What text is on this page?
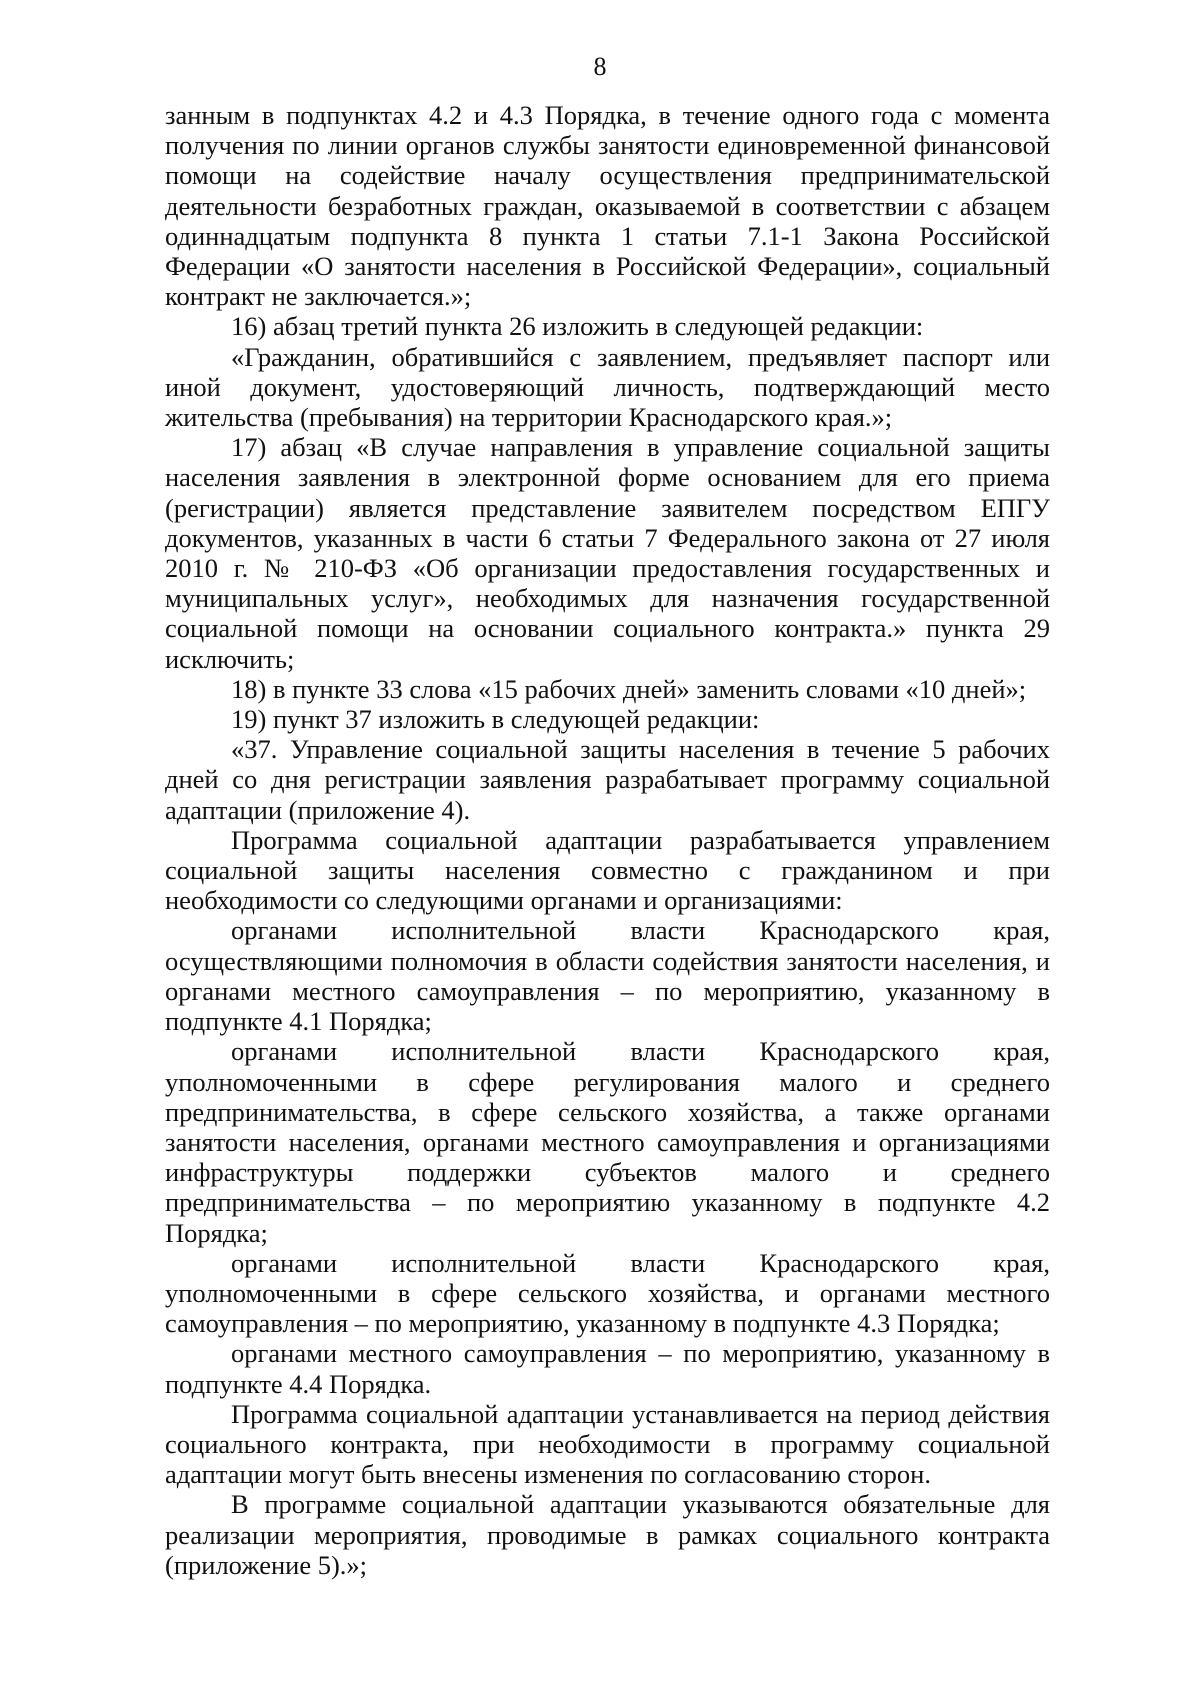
8

занным в подпунктах 4.2 и 4.3 Порядка, в течение одного года с момента получения по линии органов службы занятости единовременной финансовой помощи на содействие началу осуществления предпринимательской деятельности безработных граждан, оказываемой в соответствии с абзацем одиннадцатым подпункта 8 пункта 1 статьи 7.1-1 Закона Российской Федерации «О занятости населения в Российской Федерации», социальный контракт не заключается.»;

16) абзац третий пункта 26 изложить в следующей редакции:

«Гражданин, обратившийся с заявлением, предъявляет паспорт или иной документ, удостоверяющий личность, подтверждающий место жительства (пребывания) на территории Краснодарского края.»;

17) абзац «В случае направления в управление социальной защиты населения заявления в электронной форме основанием для его приема (регистрации) является представление заявителем посредством ЕПГУ документов, указанных в части 6 статьи 7 Федерального закона от 27 июля 2010 г. № 210-ФЗ «Об организации предоставления государственных и муниципальных услуг», необходимых для назначения государственной социальной помощи на основании социального контракта.» пункта 29 исключить;

18) в пункте 33 слова «15 рабочих дней» заменить словами «10 дней»;

19) пункт 37 изложить в следующей редакции:

«37. Управление социальной защиты населения в течение 5 рабочих дней со дня регистрации заявления разрабатывает программу социальной адаптации (приложение 4).

Программа социальной адаптации разрабатывается управлением социальной защиты населения совместно с гражданином и при необходимости со следующими органами и организациями:

органами исполнительной власти Краснодарского края, осуществляющими полномочия в области содействия занятости населения, и органами местного самоуправления – по мероприятию, указанному в подпункте 4.1 Порядка;

органами исполнительной власти Краснодарского края, уполномоченными в сфере регулирования малого и среднего предпринимательства, в сфере сельского хозяйства, а также органами занятости населения, органами местного самоуправления и организациями инфраструктуры поддержки субъектов малого и среднего предпринимательства – по мероприятию указанному в подпункте 4.2 Порядка;

органами исполнительной власти Краснодарского края, уполномоченными в сфере сельского хозяйства, и органами местного самоуправления – по мероприятию, указанному в подпункте 4.3 Порядка;

органами местного самоуправления – по мероприятию, указанному в подпункте 4.4 Порядка.

Программа социальной адаптации устанавливается на период действия социального контракта, при необходимости в программу социальной адаптации могут быть внесены изменения по согласованию сторон.

В программе социальной адаптации указываются обязательные для реализации мероприятия, проводимые в рамках социального контракта (приложение 5).»;
